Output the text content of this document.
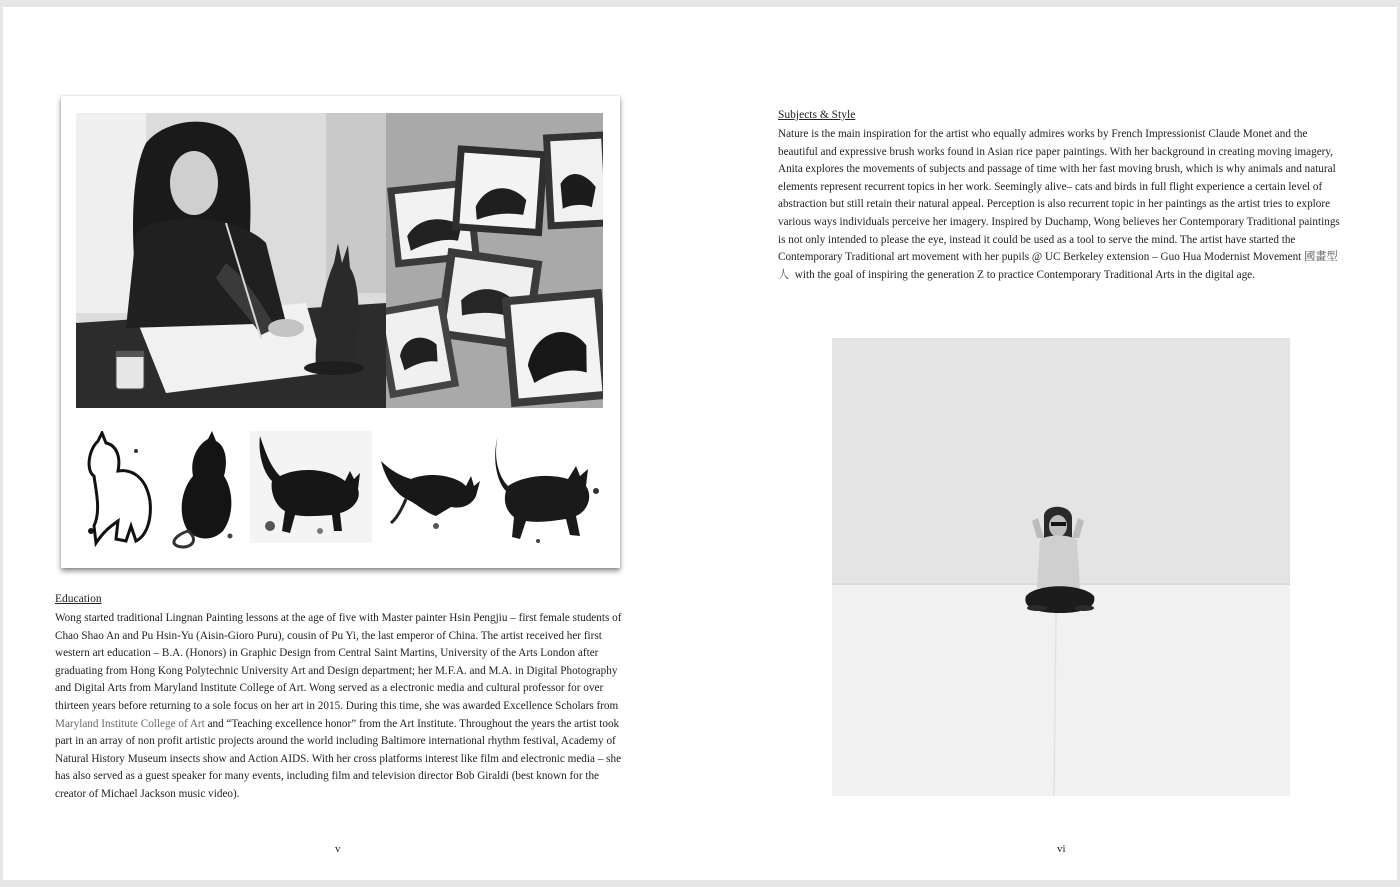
Education

Wong started traditional Lingnan Painting lessons at the age of five with Master painter Hsin Pengjiu – first female students of Chao Shao An and Pu Hsin-Yu (Aisin-Gioro Puru), cousin of Pu Yi, the last emperor of China. The artist received her first western art education – B.A. (Honors) in Graphic Design from Central Saint Martins, University of the Arts London after graduating from Hong Kong Polytechnic University Art and Design department; her M.F.A. and M.A. in Digital Photography and Digital Arts from Maryland Institute College of Art. Wong served as a electronic media and cultural professor for over thirteen years before returning to a sole focus on her art in 2015. During this time, she was awarded Excellence Scholars from Maryland Institute College of Art and “Teaching excellence honor” from the Art Institute. Throughout the years the artist took part in an array of non profit artistic projects around the world including Baltimore international rhythm festival, Academy of Natural History Museum insects show and Action AIDS. With her cross platforms interest like film and electronic media – she has also served as a guest speaker for many events, including film and television director Bob Giraldi (best known for the creator of Michael Jackson music video).

v

Subjects & Style

Nature is the main inspiration for the artist who equally admires works by French Impressionist Claude Monet and the beautiful and expressive brush works found in Asian rice paper paintings. With her background in creating moving imagery, Anita explores the movements of subjects and passage of time with her fast moving brush, which is why animals and natural elements represent recurrent topics in her work. Seemingly alive– cats and birds in full flight experience a certain level of abstraction but still retain their natural appeal. Perception is also recurrent topic in her paintings as the artist tries to explore various ways individuals perceive her imagery. Inspired by Duchamp, Wong believes her Contemporary Traditional paintings is not only intended to please the eye, instead it could be used as a tool to serve the mind. The artist have started the Contemporary Traditional art movement with her pupils @ UC Berkeley extension – Guo Hua Modernist Movement 國畫型人 with the goal of inspiring the generation Z to practice Contemporary Traditional Arts in the digital age.

vi
